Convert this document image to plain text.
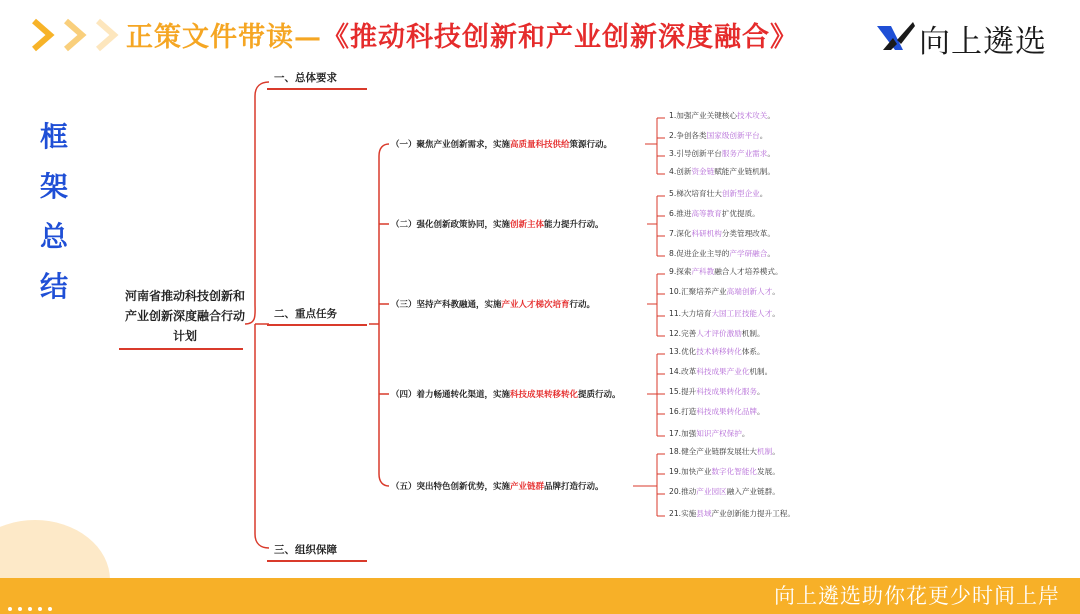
正策文件带读—《推动科技创新和产业创新深度融合》	向上遴选
框架总结	河南省推动科技创新和产业创新深度融合行动计划
一、总体要求
二、重点任务
三、组织保障
（一）聚焦产业创新需求，实施高质量科技供给策源行动。
（二）强化创新政策协同，实施创新主体能力提升行动。
（三）坚持产科教融通，实施产业人才梯次培育行动。
（四）着力畅通转化渠道，实施科技成果转移转化提质行动。
（五）突出特色创新优势，实施产业链群品牌打造行动。
1.加强产业关键核心技术攻关。
2.争创各类国家级创新平台。
3.引导创新平台服务产业需求。
4.创新资金链赋能产业链机制。
5.梯次培育壮大创新型企业。
6.推进高等教育扩优提质。
7.深化科研机构分类管理改革。
8.促进企业主导的产学研融合。
9.探索产科教融合人才培养模式。
10.汇聚培养产业高端创新人才。
11.大力培育大国工匠技能人才。
12.完善人才评价激励机制。
13.优化技术转移转化体系。
14.改革科技成果产业化机制。
15.提升科技成果转化服务。
16.打造科技成果转化品牌。
17.加强知识产权保护。
18.健全产业链群发展壮大机制。
19.加快产业数字化智能化发展。
20.推动产业园区融入产业链群。
21.实施县域产业创新能力提升工程。
向上遴选助你花更少时间上岸
